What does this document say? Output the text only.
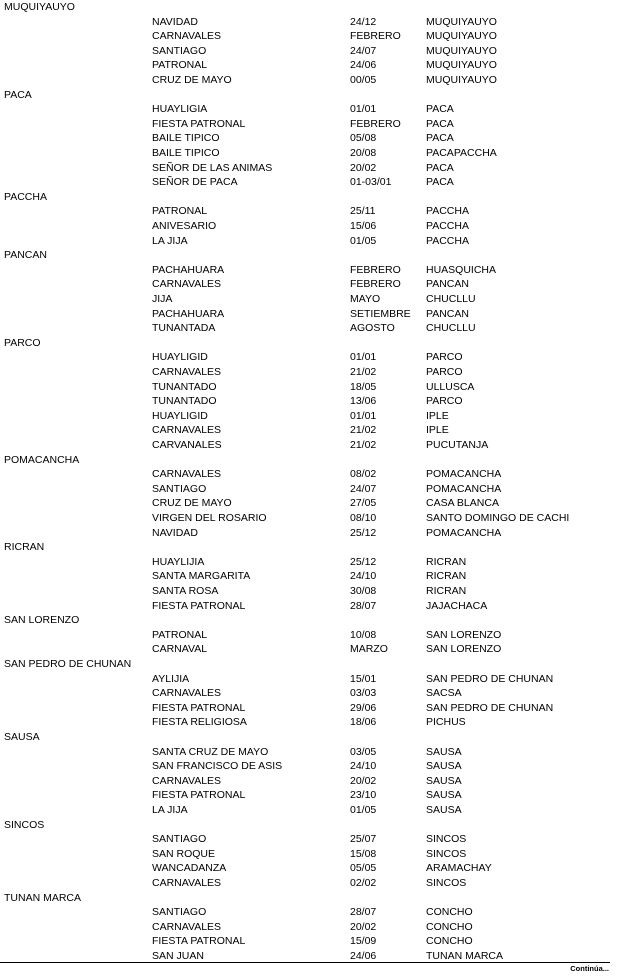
MUQUIYAUYO
NAVIDAD	24/12	MUQUIYAUYO
CARNAVALES	FEBRERO MUQUIYAUYO
SANTIAGO	24/07	MUQUIYAUYO
PATRONAL	24/06	MUQUIYAUYO
CRUZ DE MAYO	00/05	MUQUIYAUYO
PACA
HUAYLIGIA	01/01	PACA
FIESTA PATRONAL	FEBRERO PACA
BAILE TIPICO	05/08	PACA
BAILE TIPICO	20/08	PACAPACCHA
SEÑOR DE LAS ANIMAS	20/02	PACA
SEÑOR DE PACA	01-03/01	PACA
PACCHA
PATRONAL	25/11	PACCHA
ANIVESARIO	15/06	PACCHA
LA JIJA	01/05	PACCHA
PANCAN
PACHAHUARA	FEBRERO HUASQUICHA
CARNAVALES	FEBRERO PANCAN
JIJA	MAYO	CHUCLLU
PACHAHUARA	SETIEMBRE PANCAN
TUNANTADA	AGOSTO	CHUCLLU
PARCO
HUAYLIGID	01/01	PARCO
CARNAVALES	21/02	PARCO
TUNANTADO	18/05	ULLUSCA
TUNANTADO	13/06	PARCO
HUAYLIGID	01/01	IPLE
CARNAVALES	21/02	IPLE
CARVANALES	21/02	PUCUTANJA
POMACANCHA
CARNAVALES	08/02	POMACANCHA
SANTIAGO	24/07	POMACANCHA
CRUZ DE MAYO	27/05	CASA BLANCA
VIRGEN DEL ROSARIO	08/10	SANTO DOMINGO DE CACHI
NAVIDAD	25/12	POMACANCHA
RICRAN
HUAYLIJIA	25/12	RICRAN
SANTA MARGARITA	24/10	RICRAN
SANTA ROSA	30/08	RICRAN
FIESTA PATRONAL	28/07	JAJACHACA
SAN LORENZO
PATRONAL	10/08	SAN LORENZO
CARNAVAL	MARZO	SAN LORENZO
SAN PEDRO DE CHUNAN
AYLIJIA	15/01	SAN PEDRO DE CHUNAN
CARNAVALES	03/03	SACSA
FIESTA PATRONAL	29/06	SAN PEDRO DE CHUNAN
FIESTA RELIGIOSA	18/06	PICHUS
SAUSA
SANTA CRUZ DE MAYO	03/05	SAUSA
SAN FRANCISCO DE ASIS	24/10	SAUSA
CARNAVALES	20/02	SAUSA
FIESTA PATRONAL	23/10	SAUSA
LA JIJA	01/05	SAUSA
SINCOS
SANTIAGO	25/07	SINCOS
SAN ROQUE	15/08	SINCOS
WANCADANZA	05/05	ARAMACHAY
CARNAVALES	02/02	SINCOS
TUNAN MARCA
SANTIAGO	28/07	CONCHO
CARNAVALES	20/02	CONCHO
FIESTA PATRONAL	15/09	CONCHO
SAN JUAN	24/06	TUNAN MARCA
Continúa...
